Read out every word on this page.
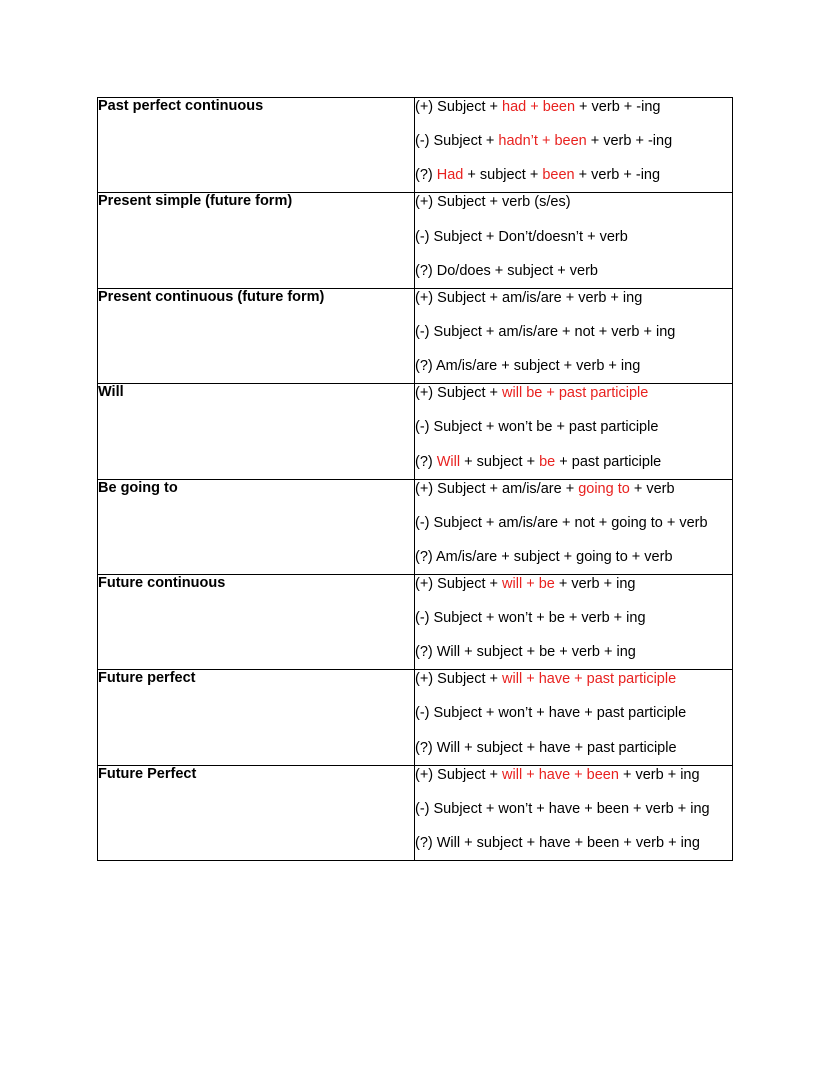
Past perfect continuous	(+) Subject + had + been + verb + -ing
(-) Subject + hadn’t + been + verb + -ing
(?) Had + subject + been + verb + -ing

Present simple (future form)	(+) Subject + verb (s/es)
(-) Subject + Don’t/doesn’t + verb
(?) Do/does + subject + verb

Present continuous (future form)	(+) Subject + am/is/are + verb + ing
(-) Subject + am/is/are + not + verb + ing
(?) Am/is/are + subject + verb + ing

Will	(+) Subject + will be + past participle
(-) Subject + won’t be + past participle
(?) Will + subject + be + past participle

Be going to	(+) Subject + am/is/are + going to + verb
(-) Subject + am/is/are + not + going to + verb
(?) Am/is/are + subject + going to + verb

Future continuous	(+) Subject + will + be + verb + ing
(-) Subject + won’t + be + verb + ing
(?) Will + subject + be + verb + ing

Future perfect	(+) Subject + will + have + past participle
(-) Subject + won’t + have + past participle
(?) Will + subject + have + past participle

Future Perfect	(+) Subject + will + have + been + verb + ing
(-) Subject + won’t + have + been + verb + ing
(?) Will + subject + have + been + verb + ing
